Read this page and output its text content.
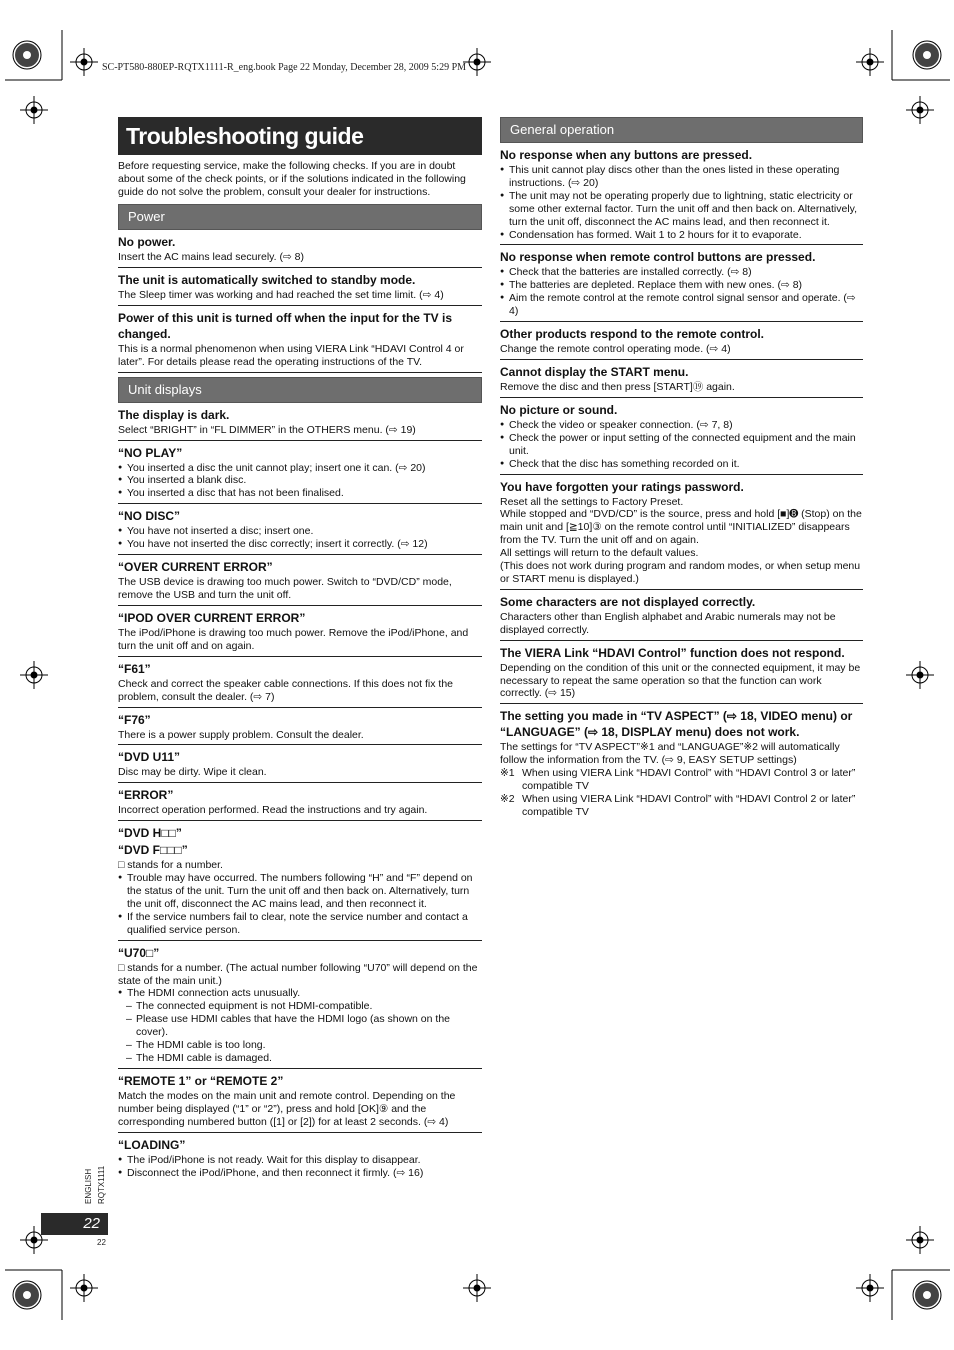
SC-PT580-880EP-RQTX1111-R_eng.book Page 22 Monday, December 28, 2009 5:29 PM
Troubleshooting guide
Before requesting service, make the following checks. If you are in doubt about some of the check points, or if the solutions indicated in the following guide do not solve the problem, consult your dealer for instructions.
Power
No power.
Insert the AC mains lead securely. (⇨ 8)
The unit is automatically switched to standby mode.
The Sleep timer was working and had reached the set time limit. (⇨ 4)
Power of this unit is turned off when the input for the TV is changed.
This is a normal phenomenon when using VIERA Link “HDAVI Control 4 or later”. For details please read the operating instructions of the TV.
Unit displays
The display is dark.
Select “BRIGHT” in “FL DIMMER” in the OTHERS menu. (⇨ 19)
“NO PLAY”
● You inserted a disc the unit cannot play; insert one it can. (⇨ 20)
● You inserted a blank disc.
● You inserted a disc that has not been finalised.
“NO DISC”
● You have not inserted a disc; insert one.
● You have not inserted the disc correctly; insert it correctly. (⇨ 12)
“OVER CURRENT ERROR”
The USB device is drawing too much power. Switch to “DVD/CD” mode, remove the USB and turn the unit off.
“IPOD OVER CURRENT ERROR”
The iPod/iPhone is drawing too much power. Remove the iPod/iPhone, and turn the unit off and on again.
“F61”
Check and correct the speaker cable connections. If this does not fix the problem, consult the dealer. (⇨ 7)
“F76”
There is a power supply problem. Consult the dealer.
“DVD U11”
Disc may be dirty. Wipe it clean.
“ERROR”
Incorrect operation performed. Read the instructions and try again.
“DVD H□□”
“DVD F□□□”
□ stands for a number.
● Trouble may have occurred. The numbers following “H” and “F” depend on the status of the unit. Turn the unit off and then back on. Alternatively, turn the unit off, disconnect the AC mains lead, and then reconnect it.
● If the service numbers fail to clear, note the service number and contact a qualified service person.
“U70□”
□ stands for a number. (The actual number following “U70” will depend on the state of the main unit.)
● The HDMI connection acts unusually.
– The connected equipment is not HDMI-compatible.
– Please use HDMI cables that have the HDMI logo (as shown on the cover).
– The HDMI cable is too long.
– The HDMI cable is damaged.
“REMOTE 1” or “REMOTE 2”
Match the modes on the main unit and remote control. Depending on the number being displayed (“1” or “2”), press and hold [OK]⑨ and the corresponding numbered button ([1] or [2]) for at least 2 seconds. (⇨ 4)
“LOADING”
● The iPod/iPhone is not ready. Wait for this display to disappear.
● Disconnect the iPod/iPhone, and then reconnect it firmly. (⇨ 16)
General operation
No response when any buttons are pressed.
● This unit cannot play discs other than the ones listed in these operating instructions. (⇨ 20)
● The unit may not be operating properly due to lightning, static electricity or some other external factor. Turn the unit off and then back on. Alternatively, turn the unit off, disconnect the AC mains lead, and then reconnect it.
● Condensation has formed. Wait 1 to 2 hours for it to evaporate.
No response when remote control buttons are pressed.
● Check that the batteries are installed correctly. (⇨ 8)
● The batteries are depleted. Replace them with new ones. (⇨ 8)
● Aim the remote control at the remote control signal sensor and operate. (⇨ 4)
Other products respond to the remote control.
Change the remote control operating mode. (⇨ 4)
Cannot display the START menu.
Remove the disc and then press [START]⑲ again.
No picture or sound.
● Check the video or speaker connection. (⇨ 7, 8)
● Check the power or input setting of the connected equipment and the main unit.
● Check that the disc has something recorded on it.
You have forgotten your ratings password.
Reset all the settings to Factory Preset.
While stopped and “DVD/CD” is the source, press and hold [■]➑ (Stop) on the main unit and [≧10]③ on the remote control until “INITIALIZED” disappears from the TV. Turn the unit off and on again.
All settings will return to the default values.
(This does not work during program and random modes, or when setup menu or START menu is displayed.)
Some characters are not displayed correctly.
Characters other than English alphabet and Arabic numerals may not be displayed correctly.
The VIERA Link “HDAVI Control” function does not respond.
Depending on the condition of this unit or the connected equipment, it may be necessary to repeat the same operation so that the function can work correctly. (⇨ 15)
The setting you made in “TV ASPECT” (⇨ 18, VIDEO menu) or “LANGUAGE” (⇨ 18, DISPLAY menu) does not work.
The settings for “TV ASPECT”※1 and “LANGUAGE”※2 will automatically follow the information from the TV. (⇨ 9, EASY SETUP settings)
※1 When using VIERA Link “HDAVI Control” with “HDAVI Control 3 or later” compatible TV
※2 When using VIERA Link “HDAVI Control” with “HDAVI Control 2 or later” compatible TV
ENGLISH RQTX1111
22
22
